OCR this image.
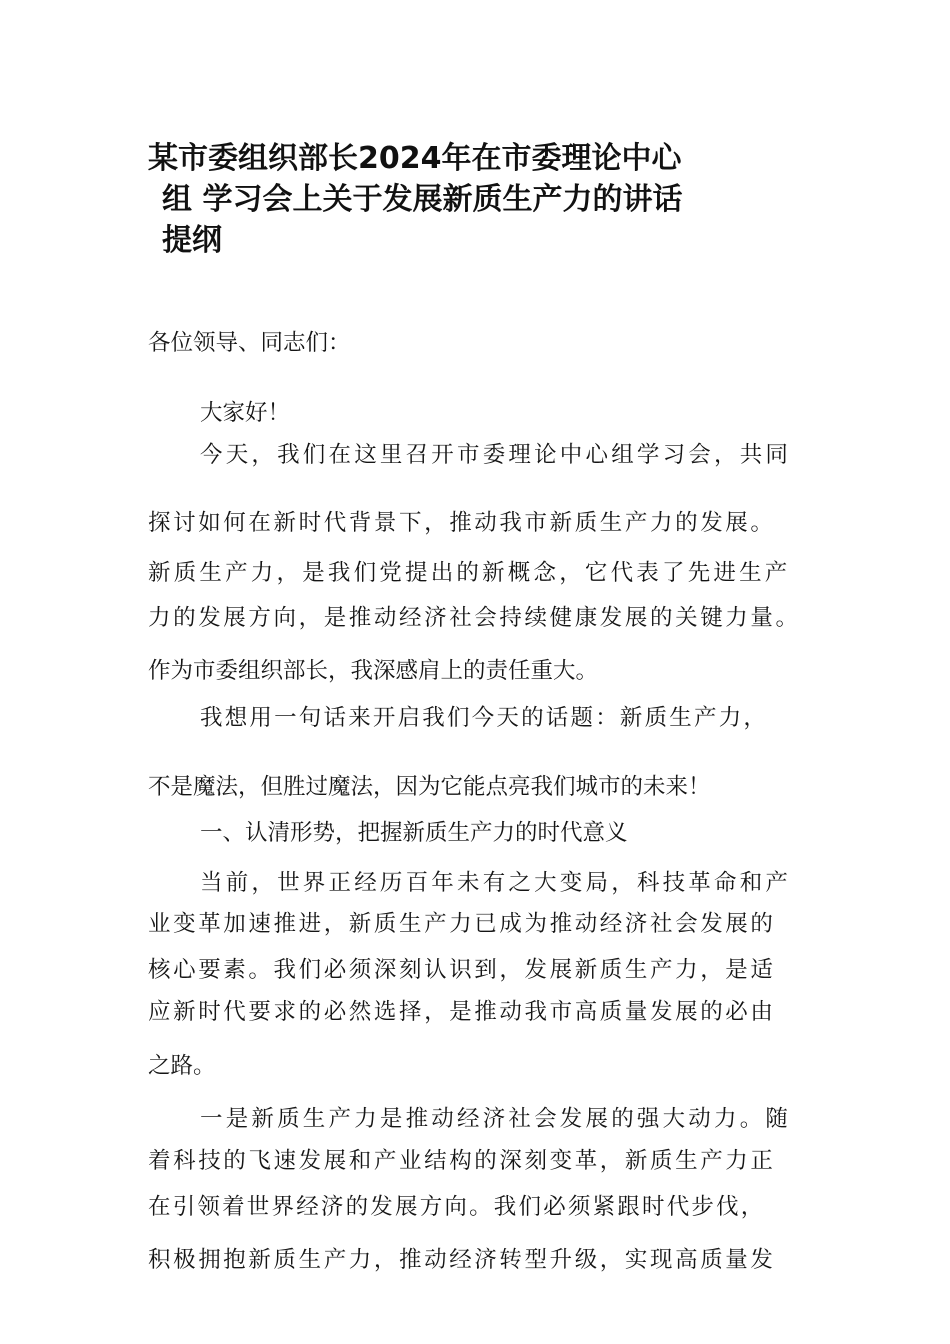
某市委组织部长2024年在市委理论中心
组 学习会上关于发展新质生产力的讲话
提纲
各位领导、同志们：
大家好！
今天，我们在这里召开市委理论中心组学习会，共同
探讨如何在新时代背景下，推动我市新质生产力的发展。
新质生产力，是我们党提出的新概念，它代表了先进生产
力的发展方向，是推动经济社会持续健康发展的关键力量。
作为市委组织部长，我深感肩上的责任重大。
我想用一句话来开启我们今天的话题：新质生产力，
不是魔法，但胜过魔法，因为它能点亮我们城市的未来！
一、认清形势，把握新质生产力的时代意义
当前，世界正经历百年未有之大变局，科技革命和产
业变革加速推进，新质生产力已成为推动经济社会发展的
核心要素。我们必须深刻认识到，发展新质生产力，是适
应新时代要求的必然选择，是推动我市高质量发展的必由
之路。
一是新质生产力是推动经济社会发展的强大动力。随
着科技的飞速发展和产业结构的深刻变革，新质生产力正
在引领着世界经济的发展方向。我们必须紧跟时代步伐，
积极拥抱新质生产力，推动经济转型升级，实现高质量发
